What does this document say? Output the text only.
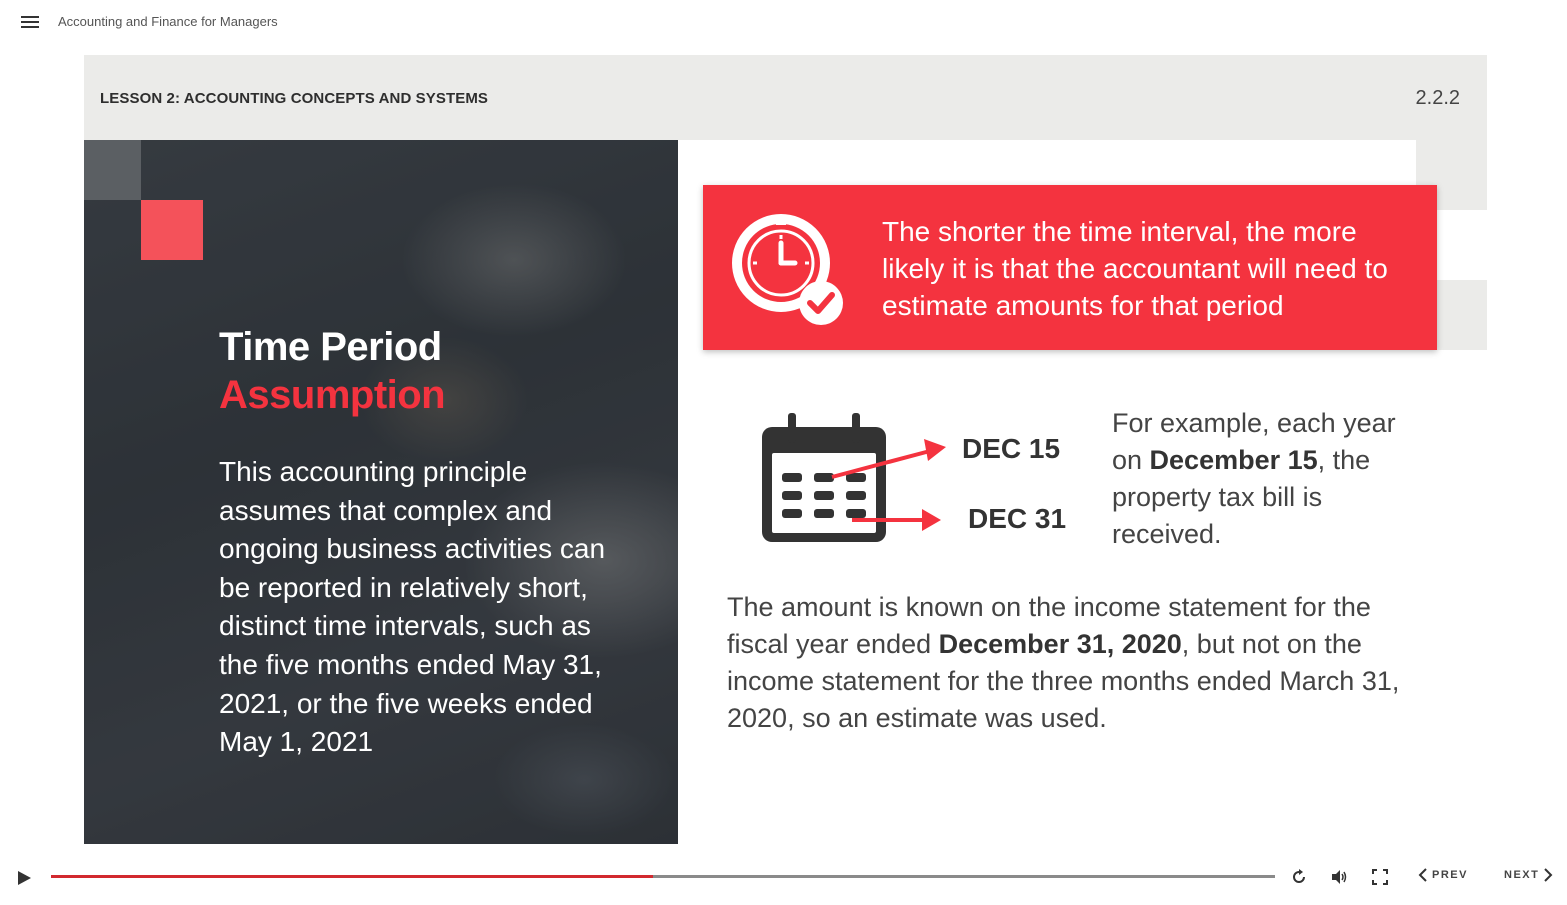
Accounting and Finance for Managers
LESSON 2: ACCOUNTING CONCEPTS AND SYSTEMS	2.2.2
Time Period
Assumption
This accounting principle assumes that complex and ongoing business activities can be reported in relatively short, distinct time intervals, such as the five months ended May 31, 2021, or the five weeks ended May 1, 2021
The shorter the time interval, the more likely it is that the accountant will need to estimate amounts for that period
DEC 15
DEC 31
For example, each year on December 15, the property tax bill is received.
The amount is known on the income statement for the fiscal year ended December 31, 2020, but not on the income statement for the three months ended March 31, 2020, so an estimate was used.
PREV	NEXT
